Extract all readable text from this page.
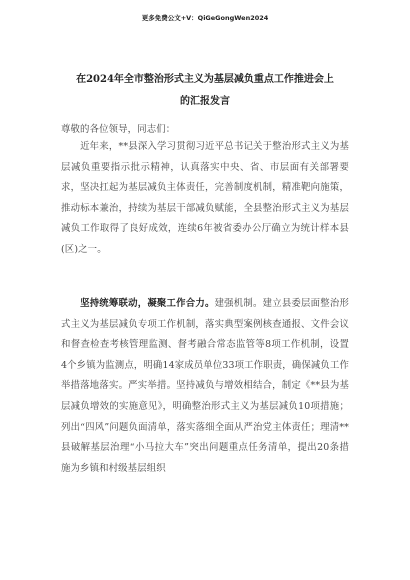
更多免费公文+V：QiGeGongWen2024
在2024年全市整治形式主义为基层减负重点工作推进会上
的汇报发言
尊敬的各位领导，同志们：
近年来，**县深入学习贯彻习近平总书记关于整治形式主义为基层减负重要指示批示精神，认真落实中央、省、市层面有关部署要求，坚决扛起为基层减负主体责任，完善制度机制，精准靶向施策，推动标本兼治，持续为基层干部减负赋能，全县整治形式主义为基层减负工作取得了良好成效，连续6年被省委办公厅确立为统计样本县(区)之一。
坚持统筹联动，凝聚工作合力。建强机制。建立县委层面整治形式主义为基层减负专项工作机制，落实典型案例核查通报、文件会议和督查检查考核管理监测、督考融合常态监管等8项工作机制，设置4个乡镇为监测点，明确14家成员单位33项工作职责，确保减负工作举措落地落实。严实举措。坚持减负与增效相结合，制定《**县为基层减负增效的实施意见》，明确整治形式主义为基层减负10项措施；列出“四风”问题负面清单，落实落细全面从严治党主体责任；理清**县破解基层治理“小马拉大车”突出问题重点任务清单，提出20条措施为乡镇和村级基层组织
